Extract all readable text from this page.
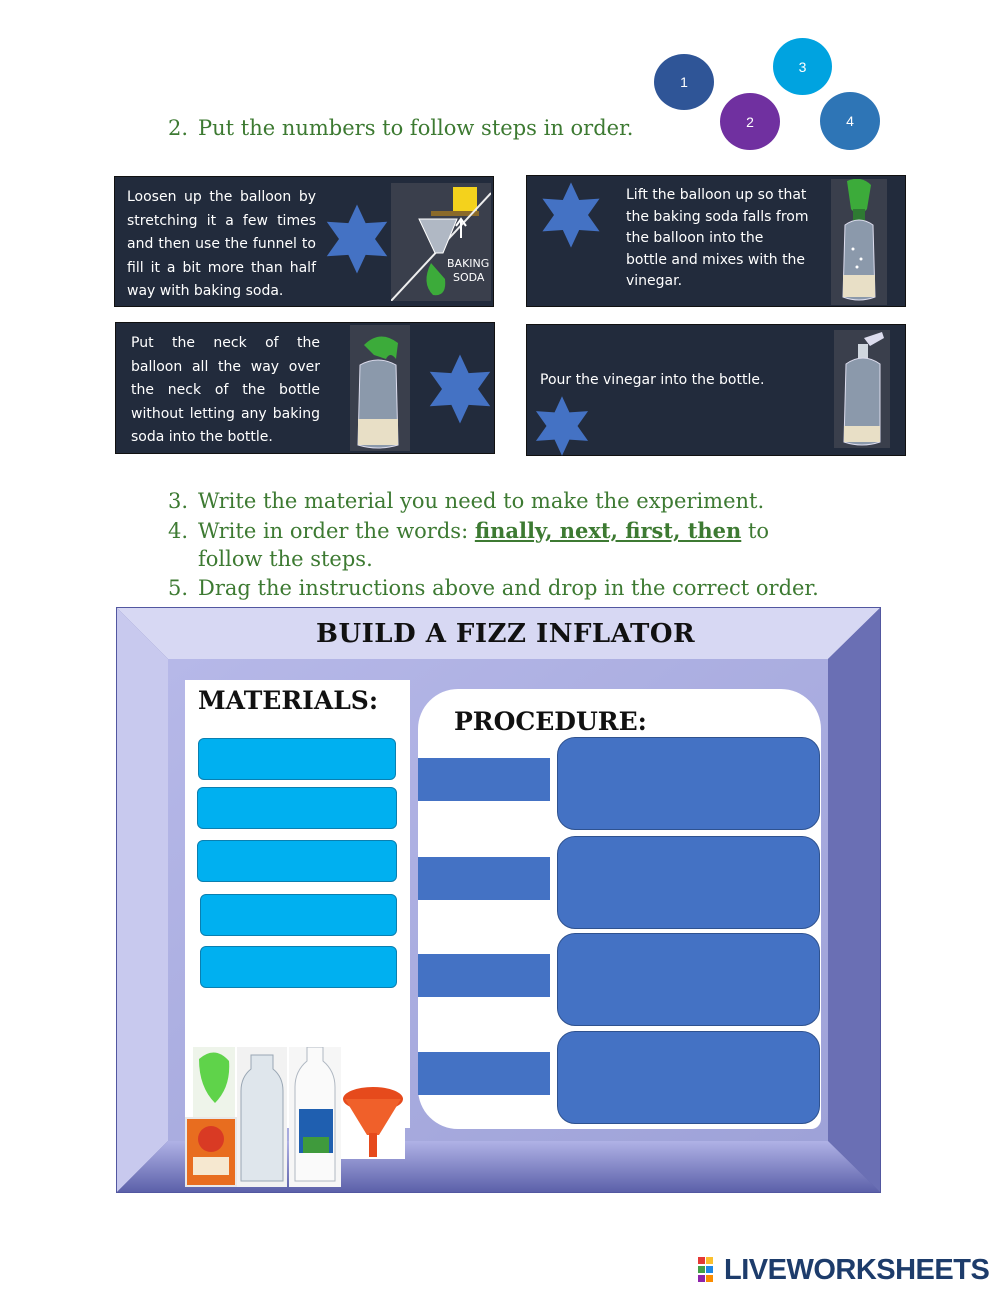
1
3
2	4
2. Put the numbers to follow steps in order.
Loosen up the balloon by
stretching it a few times
and then use the funnel to
fill it a bit more than half
way with baking soda.
BAKING
SODA
Lift the balloon up so that
the baking soda falls from
the balloon into the
bottle and mixes with the
vinegar.
Put the neck of the
balloon all the way over
the neck of the bottle
without letting any baking
soda into the bottle.
Pour the vinegar into the bottle.
3. Write the material you need to make the experiment.
4. Write in order the words: finally, next, first, then to
follow the steps.
5. Drag the instructions above and drop in the correct order.
BUILD A FIZZ INFLATOR
MATERIALS:
PROCEDURE:
LIVEWORKSHEETS
